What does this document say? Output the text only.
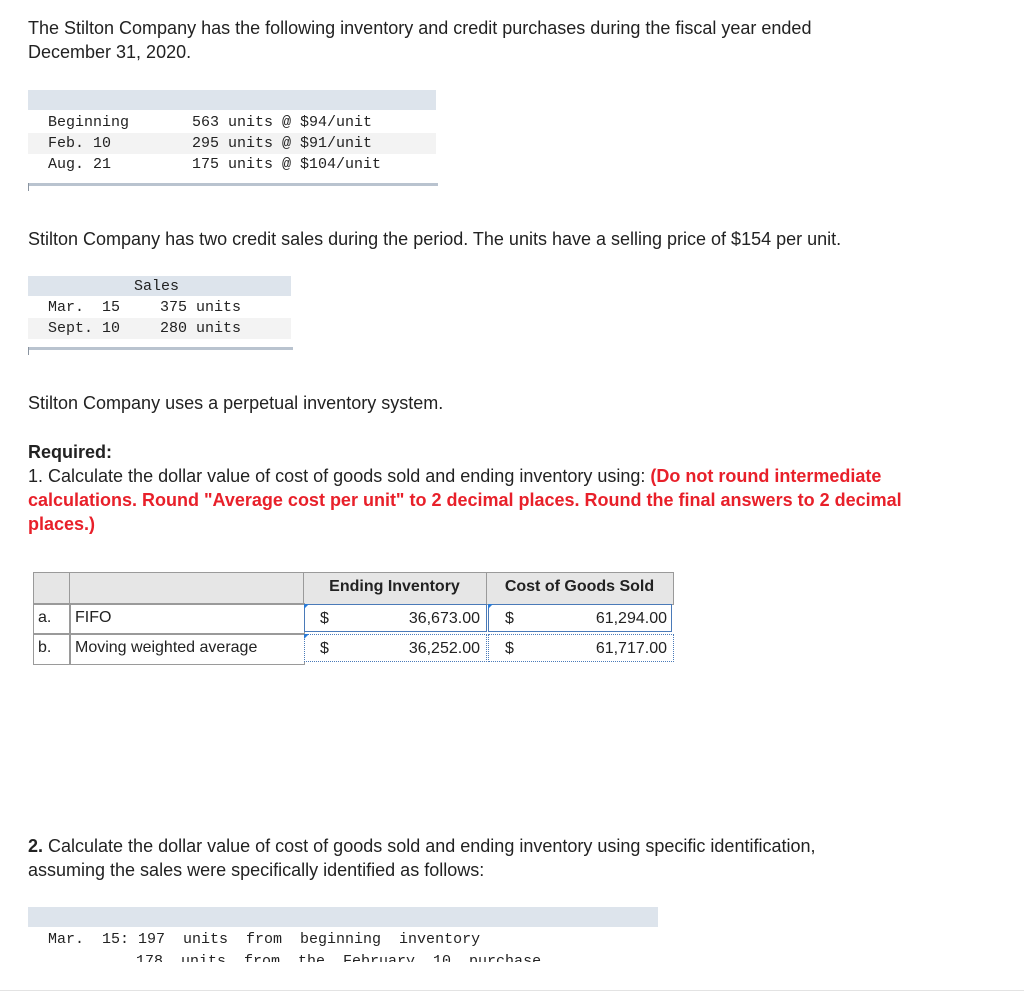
The Stilton Company has the following inventory and credit purchases during the fiscal year ended
December 31, 2020.
Beginning	563 units @ $94/unit
Feb. 10	295 units @ $91/unit
Aug. 21	175 units @ $104/unit
Stilton Company has two credit sales during the period. The units have a selling price of $154 per unit.
Sales
Mar.  15	375 units
Sept. 10	280 units
Stilton Company uses a perpetual inventory system.
Required:
1. Calculate the dollar value of cost of goods sold and ending inventory using: (Do not round intermediate
calculations. Round "Average cost per unit" to 2 decimal places. Round the final answers to 2 decimal
places.)
Ending Inventory	Cost of Goods Sold
a. FIFO	$	36,673.00 $	61,294.00
b. Moving weighted average	$	36,252.00 $	61,717.00
2. Calculate the dollar value of cost of goods sold and ending inventory using specific identification,
assuming the sales were specifically identified as follows:
Mar.  15: 197  units  from  beginning  inventory
